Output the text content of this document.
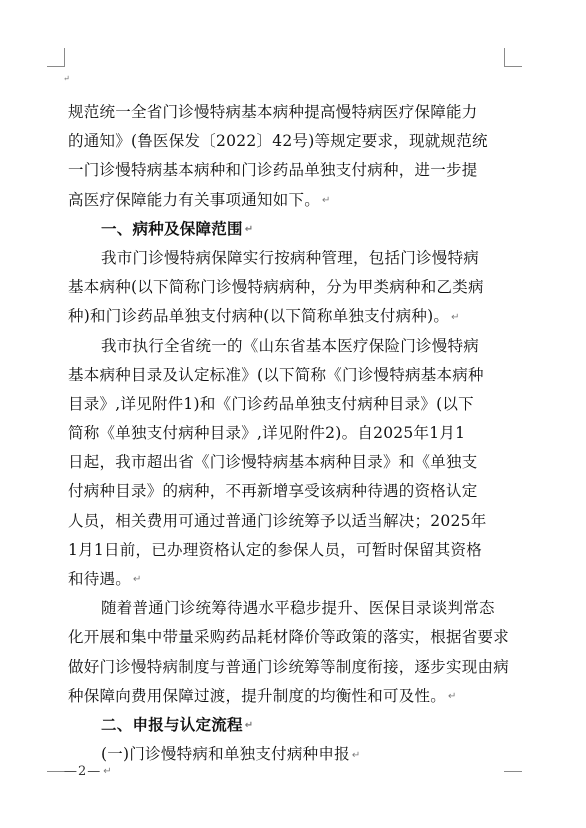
↵
规范统一全省门诊慢特病基本病种提高慢特病医疗保障能力
的通知》(鲁医保发〔2022〕42号)等规定要求，现就规范统
一门诊慢特病基本病种和门诊药品单独支付病种，进一步提
高医疗保障能力有关事项通知如下。 ↵
一、病种及保障范围 ↵
我市门诊慢特病保障实行按病种管理，包括门诊慢特病
基本病种(以下简称门诊慢特病病种，分为甲类病种和乙类病
种)和门诊药品单独支付病种(以下简称单独支付病种)。 ↵
我市执行全省统一的《山东省基本医疗保险门诊慢特病
基本病种目录及认定标准》(以下简称《门诊慢特病基本病种
目录》,详见附件1)和《门诊药品单独支付病种目录》(以下
简称《单独支付病种目录》,详见附件2)。自2025年1月1
日起，我市超出省《门诊慢特病基本病种目录》和《单独支
付病种目录》的病种，不再新增享受该病种待遇的资格认定
人员，相关费用可通过普通门诊统筹予以适当解决；2025年
1月1日前，已办理资格认定的参保人员，可暂时保留其资格
和待遇。 ↵
随着普通门诊统筹待遇水平稳步提升、医保目录谈判常态
化开展和集中带量采购药品耗材降价等政策的落实，根据省要求
做好门诊慢特病制度与普通门诊统筹等制度衔接，逐步实现由病
种保障向费用保障过渡，提升制度的均衡性和可及性。 ↵
二、申报与认定流程 ↵
(一)门诊慢特病和单独支付病种申报 ↵
—2— ↵
